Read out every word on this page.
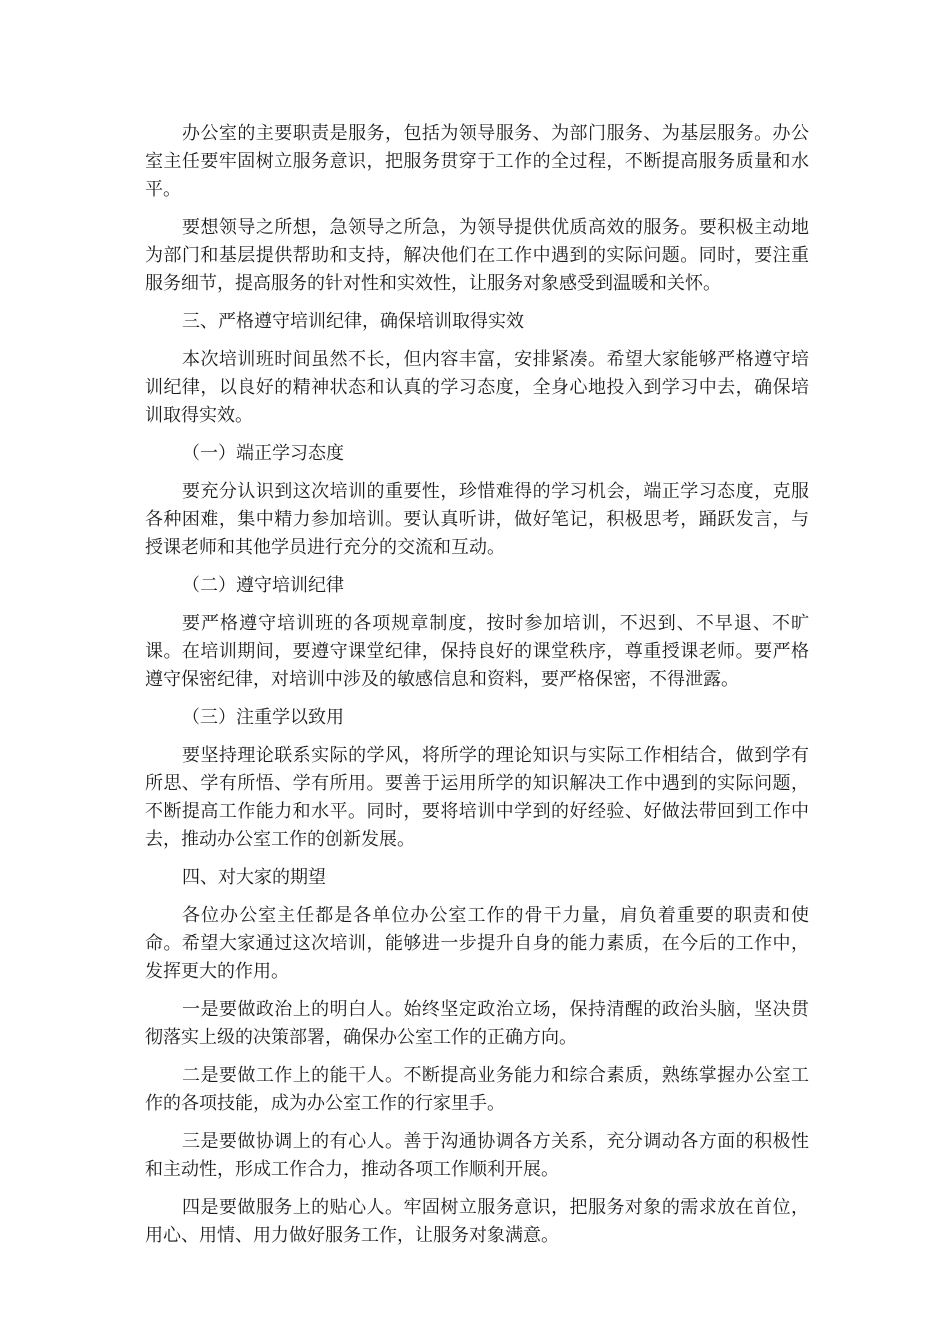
办公室的主要职责是服务，包括为领导服务、为部门服务、为基层服务。办公室主任要牢固树立服务意识，把服务贯穿于工作的全过程，不断提高服务质量和水平。

要想领导之所想，急领导之所急，为领导提供优质高效的服务。要积极主动地为部门和基层提供帮助和支持，解决他们在工作中遇到的实际问题。同时，要注重服务细节，提高服务的针对性和实效性，让服务对象感受到温暖和关怀。

三、严格遵守培训纪律，确保培训取得实效

本次培训班时间虽然不长，但内容丰富，安排紧凑。希望大家能够严格遵守培训纪律，以良好的精神状态和认真的学习态度，全身心地投入到学习中去，确保培训取得实效。

（一）端正学习态度

要充分认识到这次培训的重要性，珍惜难得的学习机会，端正学习态度，克服各种困难，集中精力参加培训。要认真听讲，做好笔记，积极思考，踊跃发言，与授课老师和其他学员进行充分的交流和互动。

（二）遵守培训纪律

要严格遵守培训班的各项规章制度，按时参加培训，不迟到、不早退、不旷课。在培训期间，要遵守课堂纪律，保持良好的课堂秩序，尊重授课老师。要严格遵守保密纪律，对培训中涉及的敏感信息和资料，要严格保密，不得泄露。

（三）注重学以致用

要坚持理论联系实际的学风，将所学的理论知识与实际工作相结合，做到学有所思、学有所悟、学有所用。要善于运用所学的知识解决工作中遇到的实际问题，不断提高工作能力和水平。同时，要将培训中学到的好经验、好做法带回到工作中去，推动办公室工作的创新发展。

四、对大家的期望

各位办公室主任都是各单位办公室工作的骨干力量，肩负着重要的职责和使命。希望大家通过这次培训，能够进一步提升自身的能力素质，在今后的工作中，发挥更大的作用。

一是要做政治上的明白人。始终坚定政治立场，保持清醒的政治头脑，坚决贯彻落实上级的决策部署，确保办公室工作的正确方向。

二是要做工作上的能干人。不断提高业务能力和综合素质，熟练掌握办公室工作的各项技能，成为办公室工作的行家里手。

三是要做协调上的有心人。善于沟通协调各方关系，充分调动各方面的积极性和主动性，形成工作合力，推动各项工作顺利开展。

四是要做服务上的贴心人。牢固树立服务意识，把服务对象的需求放在首位，用心、用情、用力做好服务工作，让服务对象满意。
